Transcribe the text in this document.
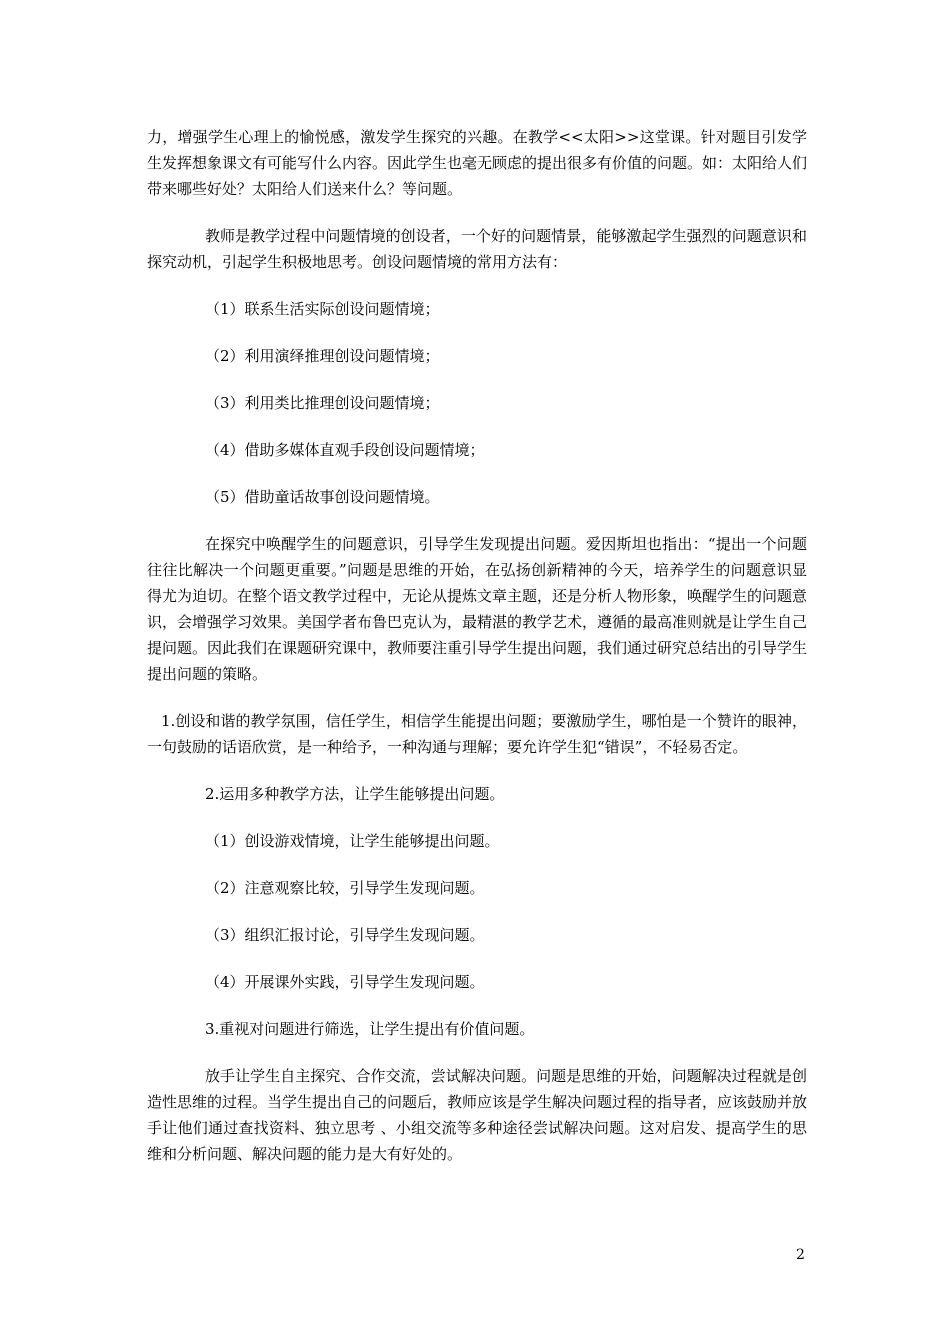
力，增强学生心理上的愉悦感，激发学生探究的兴趣。在教学<<太阳>>这堂课。针对题目引发学生发挥想象课文有可能写什么内容。因此学生也毫无顾虑的提出很多有价值的问题。如：太阳给人们带来哪些好处？太阳给人们送来什么？等问题。

教师是教学过程中问题情境的创设者，一个好的问题情景，能够激起学生强烈的问题意识和探究动机，引起学生积极地思考。创设问题情境的常用方法有：

（1）联系生活实际创设问题情境；

（2）利用演绎推理创设问题情境；

（3）利用类比推理创设问题情境；

（4）借助多媒体直观手段创设问题情境；

（5）借助童话故事创设问题情境。

在探究中唤醒学生的问题意识，引导学生发现提出问题。爱因斯坦也指出：“提出一个问题往往比解决一个问题更重要。”问题是思维的开始，在弘扬创新精神的今天，培养学生的问题意识显得尤为迫切。在整个语文教学过程中，无论从提炼文章主题，还是分析人物形象，唤醒学生的问题意识，会增强学习效果。美国学者布鲁巴克认为，最精湛的教学艺术，遵循的最高准则就是让学生自己提问题。因此我们在课题研究课中，教师要注重引导学生提出问题，我们通过研究总结出的引导学生提出问题的策略。

1.创设和谐的教学氛围，信任学生，相信学生能提出问题；要激励学生，哪怕是一个赞许的眼神，一句鼓励的话语欣赏，是一种给予，一种沟通与理解；要允许学生犯“错误”，不轻易否定。

2.运用多种教学方法，让学生能够提出问题。

（1）创设游戏情境，让学生能够提出问题。

（2）注意观察比较，引导学生发现问题。

（3）组织汇报讨论，引导学生发现问题。

（4）开展课外实践，引导学生发现问题。

3.重视对问题进行筛选，让学生提出有价值问题。

放手让学生自主探究、合作交流，尝试解决问题。问题是思维的开始，问题解决过程就是创造性思维的过程。当学生提出自己的问题后，教师应该是学生解决问题过程的指导者，应该鼓励并放手让他们通过查找资料、独立思考 、小组交流等多种途径尝试解决问题。这对启发、提高学生的思维和分析问题、解决问题的能力是大有好处的。

2
